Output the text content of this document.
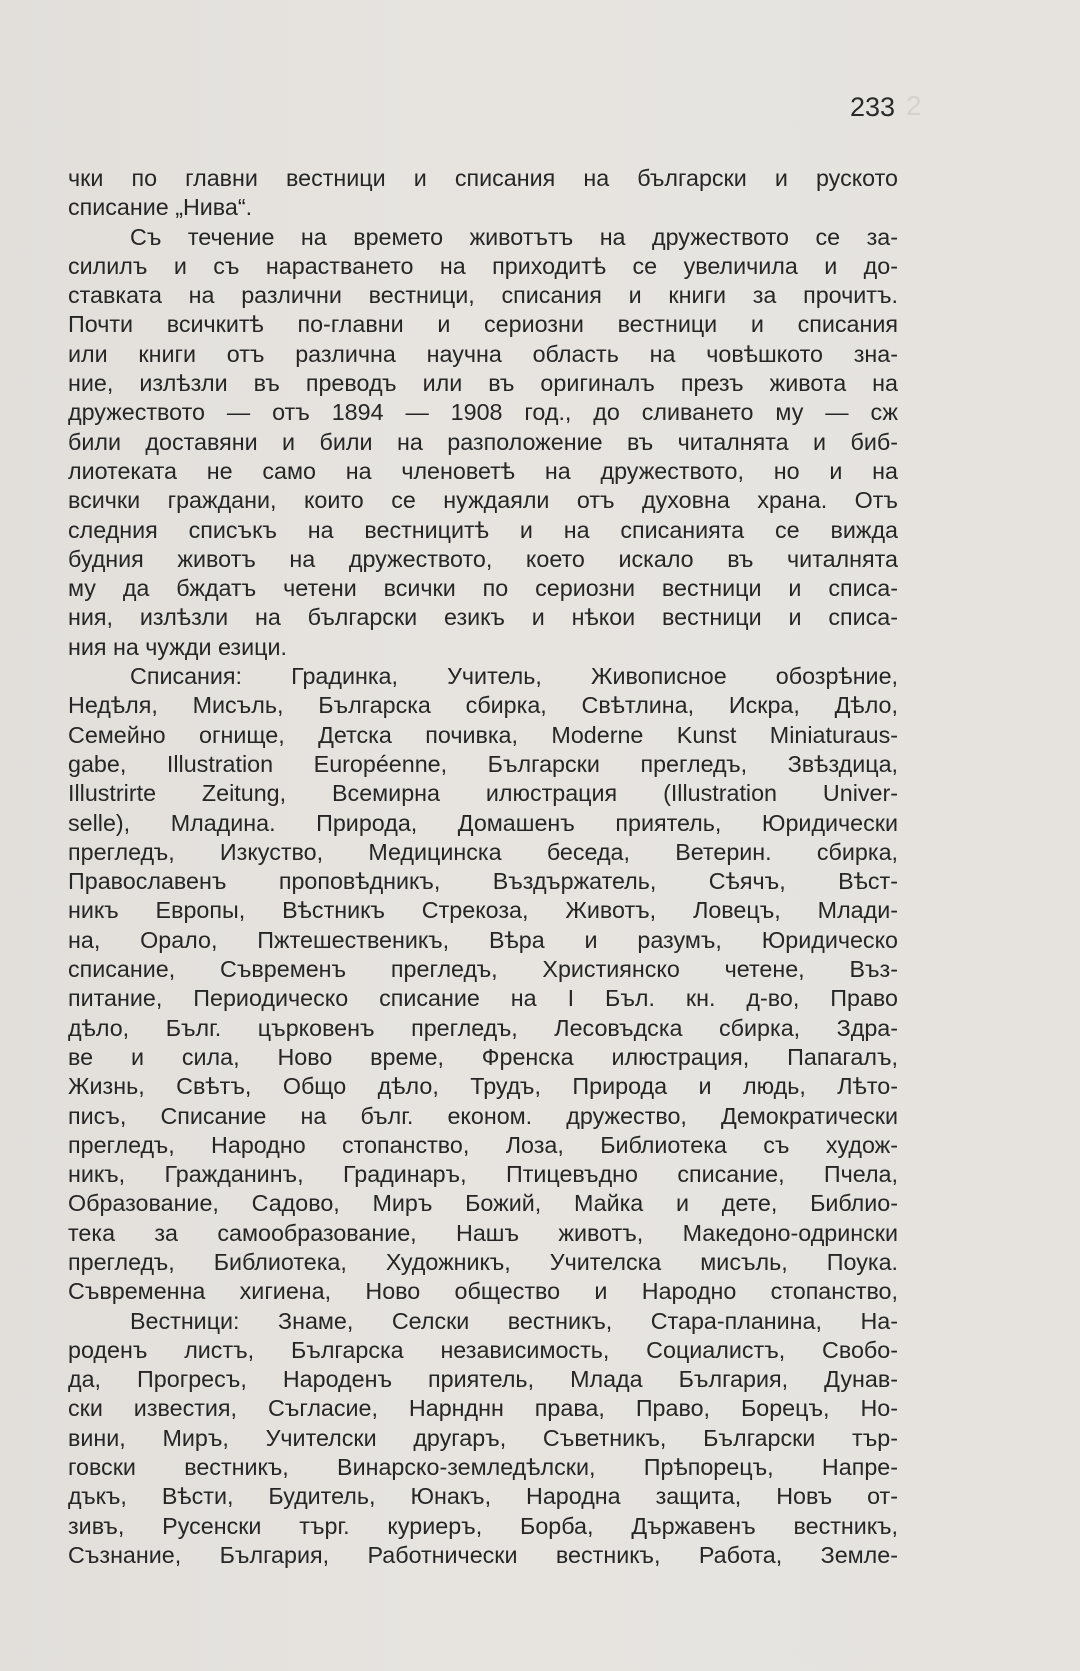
2
233
чки по главни вестници и списания на български и руското
списание „Нива“.
Съ течение на времето животътъ на дружеството се за-
силилъ и съ нарастването на приходитѣ се увеличила и до-
ставката на различни вестници, списания и книги за прочитъ.
Почти всичкитѣ по-главни и сериозни вестници и списания
или книги отъ различна научна область на човѣшкото зна-
ние, излѣзли въ преводъ или въ оригиналъ презъ живота на
дружеството — отъ 1894 — 1908 год., до сливането му — сж
били доставяни и били на разположение въ читалнята и биб-
лиотеката не само на членоветѣ на дружеството, но и на
всички граждани, които се нуждаяли отъ духовна храна. Отъ
следния списъкъ на вестницитѣ и на списанията се вижда
будния животъ на дружеството, което искало въ читалнята
му да бждатъ четени всички по сериозни вестници и списа-
ния, излѣзли на български езикъ и нѣкои вестници и списа-
ния на чужди езици.
Списания: Градинка, Учитель, Живописное обозрѣние,
Недѣля, Мисъль, Българска сбирка, Свѣтлина, Искра, Дѣло,
Семейно огнище, Детска почивка, Moderne Kunst Miniaturaus-
gabe, Illustration Européenne, Български прегледъ, Звѣздица,
Illustrirte Zeitung, Всемирна илюстрация (Illustration Univer-
selle), Младина. Природа, Домашенъ приятель, Юридически
прегледъ, Изкуство, Медицинска беседа, Ветерин. сбирка,
Православенъ проповѣдникъ, Въздържатель, Сѣячъ, Вѣст-
никъ Европы, Вѣстникъ Стрекоза, Животъ, Ловецъ, Млади-
на, Орало, Пжтешественикъ, Вѣра и разумъ, Юридическо
списание, Съвременъ прегледъ, Християнско четене, Въз-
питание, Периодическо списание на I Бъл. кн. д-во, Право
дѣло, Бълг. църковенъ прегледъ, Лесовъдска сбирка, Здра-
ве и сила, Ново време, Френска илюстрация, Папагалъ,
Жизнь, Свѣтъ, Общо дѣло, Трудъ, Природа и людь, Лѣто-
писъ, Списание на бълг. економ. дружество, Демократически
прегледъ, Народно стопанство, Лоза, Библиотека съ худож-
никъ, Гражданинъ, Градинаръ, Птицевъдно списание, Пчела,
Образование, Садово, Миръ Божий, Майка и дете, Библио-
тека за самообразование, Нашъ животъ, Македоно-одрински
прегледъ, Библиотека, Художникъ, Учителска мисъль, Поука.
Съвременна хигиена, Ново общество и Народно стопанство,
Вестници: Знаме, Селски вестникъ, Стара-планина, На-
роденъ листъ, Българска независимость, Социалистъ, Свобо-
да, Прогресъ, Народенъ приятель, Млада България, Дунав-
ски известия, Съгласие, Нарнднн права, Право, Борецъ, Но-
вини, Миръ, Учителски другаръ, Съветникъ, Български тър-
говски вестникъ, Винарско-земледѣлски, Прѣпорецъ, Напре-
дъкъ, Вѣсти, Будитель, Юнакъ, Народна защита, Новъ от-
зивъ, Русенски търг. куриеръ, Борба, Държавенъ вестникъ,
Съзнание, България, Работнически вестникъ, Работа, Земле-
